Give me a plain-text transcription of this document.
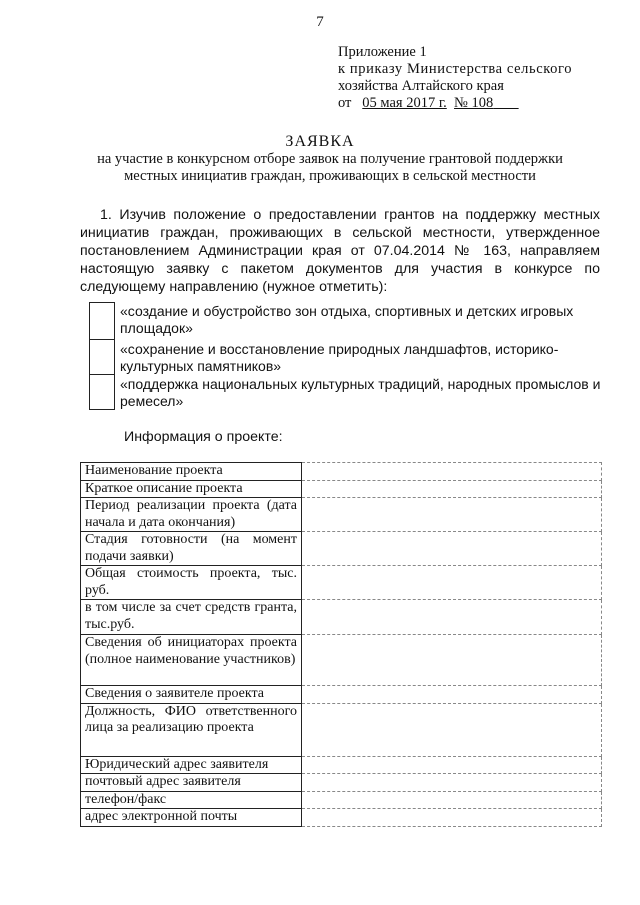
7
Приложение 1
к приказу Министерства сельского
хозяйства Алтайского края
от 05 мая 2017 г. № 108
ЗАЯВКА
на участие в конкурсном отборе заявок на получение грантовой поддержки местных инициатив граждан, проживающих в сельской местности

1. Изучив положение о предоставлении грантов на поддержку местных инициатив граждан, проживающих в сельской местности, утвержденное постановлением Администрации края от 07.04.2014 № 163, направляем настоящую заявку с пакетом документов для участия в конкурсе по следующему направлению (нужное отметить):

«создание и обустройство зон отдыха, спортивных и детских игровых площадок»
«сохранение и восстановление природных ландшафтов, историко-культурных памятников»
«поддержка национальных культурных традиций, народных промыслов и ремесел»
Информация о проекте:
Наименование проекта	
Краткое описание проекта	
Период реализации проекта (дата начала и дата окончания)	
Стадия готовности (на момент подачи заявки)	
Общая стоимость проекта, тыс. руб.	
в том числе за счет средств гранта, тыс.руб.	
Сведения об инициаторах проекта (полное наименование участников)	
Сведения о заявителе проекта	
Должность, ФИО ответственного лица за реализацию проекта	
Юридический адрес заявителя	
почтовый адрес заявителя	
телефон/факс	
адрес электронной почты	
